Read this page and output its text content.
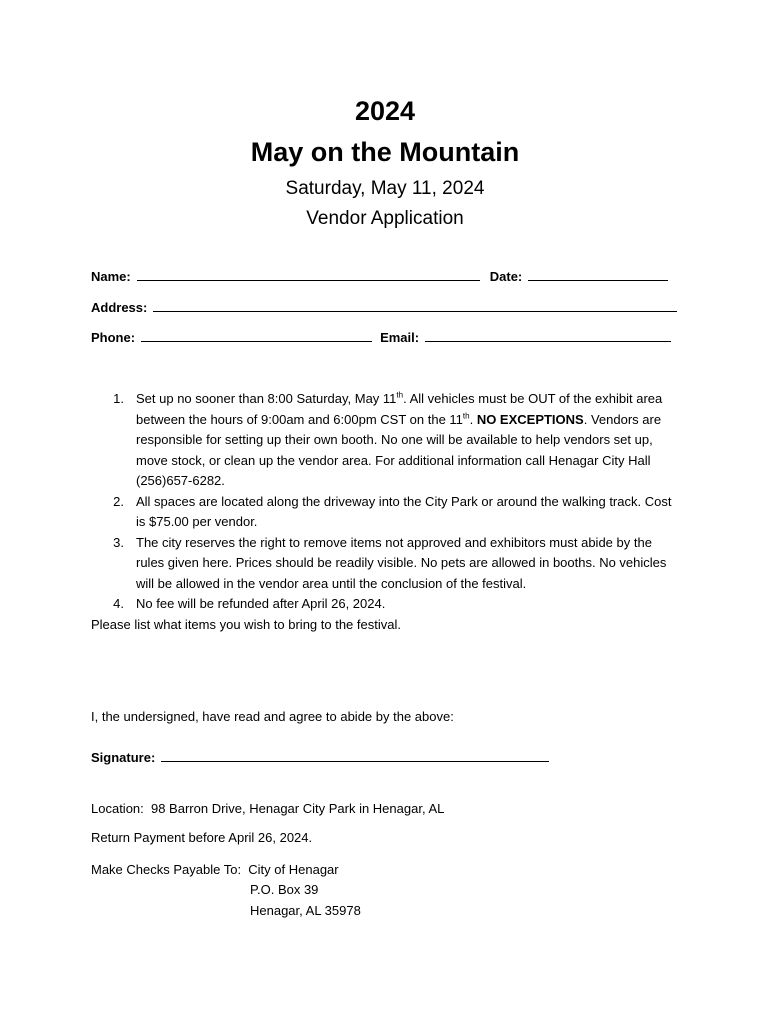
2024
May on the Mountain
Saturday, May 11, 2024
Vendor Application
Name:	Date:
Address:
Phone:	Email:
1. Set up no sooner than 8:00 Saturday, May 11th. All vehicles must be OUT of the exhibit area between the hours of 9:00am and 6:00pm CST on the 11th. NO EXCEPTIONS. Vendors are responsible for setting up their own booth. No one will be available to help vendors set up, move stock, or clean up the vendor area. For additional information call Henagar City Hall (256)657-6282.
2. All spaces are located along the driveway into the City Park or around the walking track. Cost is $75.00 per vendor.
3. The city reserves the right to remove items not approved and exhibitors must abide by the rules given here. Prices should be readily visible. No pets are allowed in booths. No vehicles will be allowed in the vendor area until the conclusion of the festival.
4. No fee will be refunded after April 26, 2024.
Please list what items you wish to bring to the festival.
I, the undersigned, have read and agree to abide by the above:
Signature:
Location:  98 Barron Drive, Henagar City Park in Henagar, AL
Return Payment before April 26, 2024.
Make Checks Payable To:  City of Henagar
P.O. Box 39
Henagar, AL 35978
